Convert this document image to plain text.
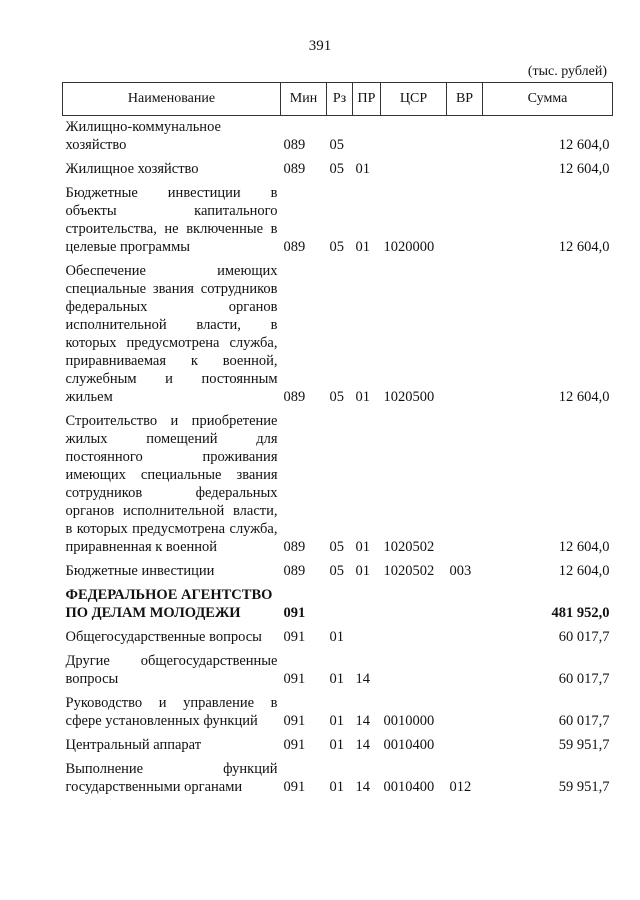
391
(тыс. рублей)
Наименование	Мин	Рз	ПР	ЦСР	ВР	Сумма
Жилищно-коммунальное хозяйство	089	05				12 604,0
Жилищное хозяйство	089	05	01			12 604,0
Бюджетные инвестиции в объекты капитального строительства, не включенные в целевые программы	089	05	01	1020000		12 604,0
Обеспечение имеющих специальные звания сотрудников федеральных органов исполнительной власти, в которых предусмотрена служба, приравниваемая к военной, служебным и постоянным жильем	089	05	01	1020500		12 604,0
Строительство и приобретение жилых помещений для постоянного проживания имеющих специальные звания сотрудников федеральных органов исполнительной власти, в которых предусмотрена служба, приравненная к военной	089	05	01	1020502		12 604,0
Бюджетные инвестиции	089	05	01	1020502	003	12 604,0
ФЕДЕРАЛЬНОЕ АГЕНТСТВО ПО ДЕЛАМ МОЛОДЕЖИ	091					481 952,0
Общегосударственные вопросы	091	01				60 017,7
Другие общегосударственные вопросы	091	01	14			60 017,7
Руководство и управление в сфере установленных функций	091	01	14	0010000		60 017,7
Центральный аппарат	091	01	14	0010400		59 951,7
Выполнение функций государственными органами	091	01	14	0010400	012	59 951,7
